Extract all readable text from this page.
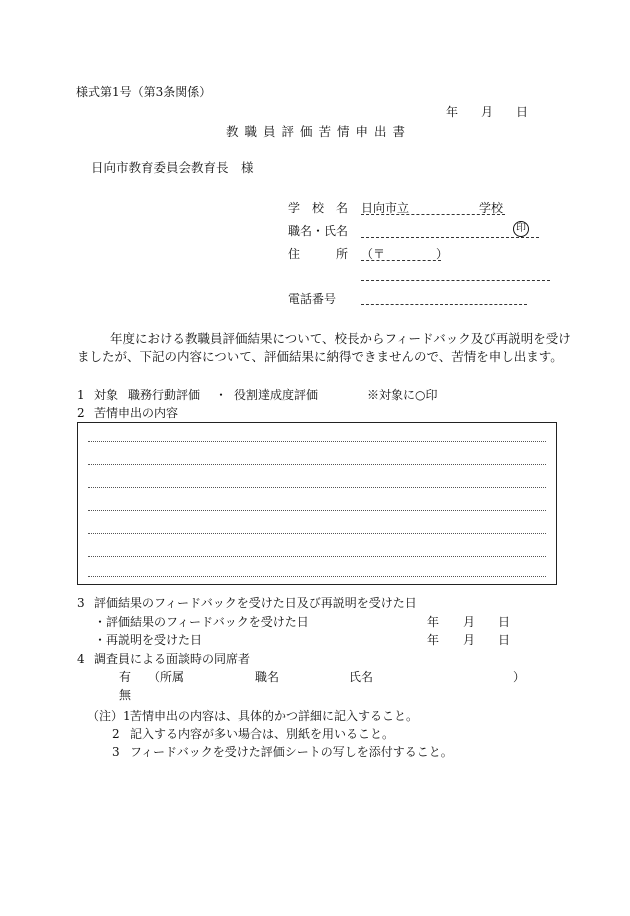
様式第1号（第3条関係）
年 月 日
教職員評価苦情申出書
日向市教育委員会教育長　様
学　校　名 日向市立	学校
職名・氏名	印
住　　　所 （〒	）
電話番号
年度における教職員評価結果について、校長からフィードバック及び再説明を受け
ましたが、下記の内容について、評価結果に納得できませんので、苦情を申し出ます。
1 対象 職務行動評価 ・ 役割達成度評価	※対象に○印
2 苦情申出の内容
3 評価結果のフィードバックを受けた日及び再説明を受けた日
・評価結果のフィードバックを受けた日	年 月 日
・再説明を受けた日	年 月 日
4 調査員による面談時の同席者
有 （所属	職名	氏名	）
無
（注）1 苦情申出の内容は、具体的かつ詳細に記入すること。
2 記入する内容が多い場合は、別紙を用いること。
3 フィードバックを受けた評価シートの写しを添付すること。
